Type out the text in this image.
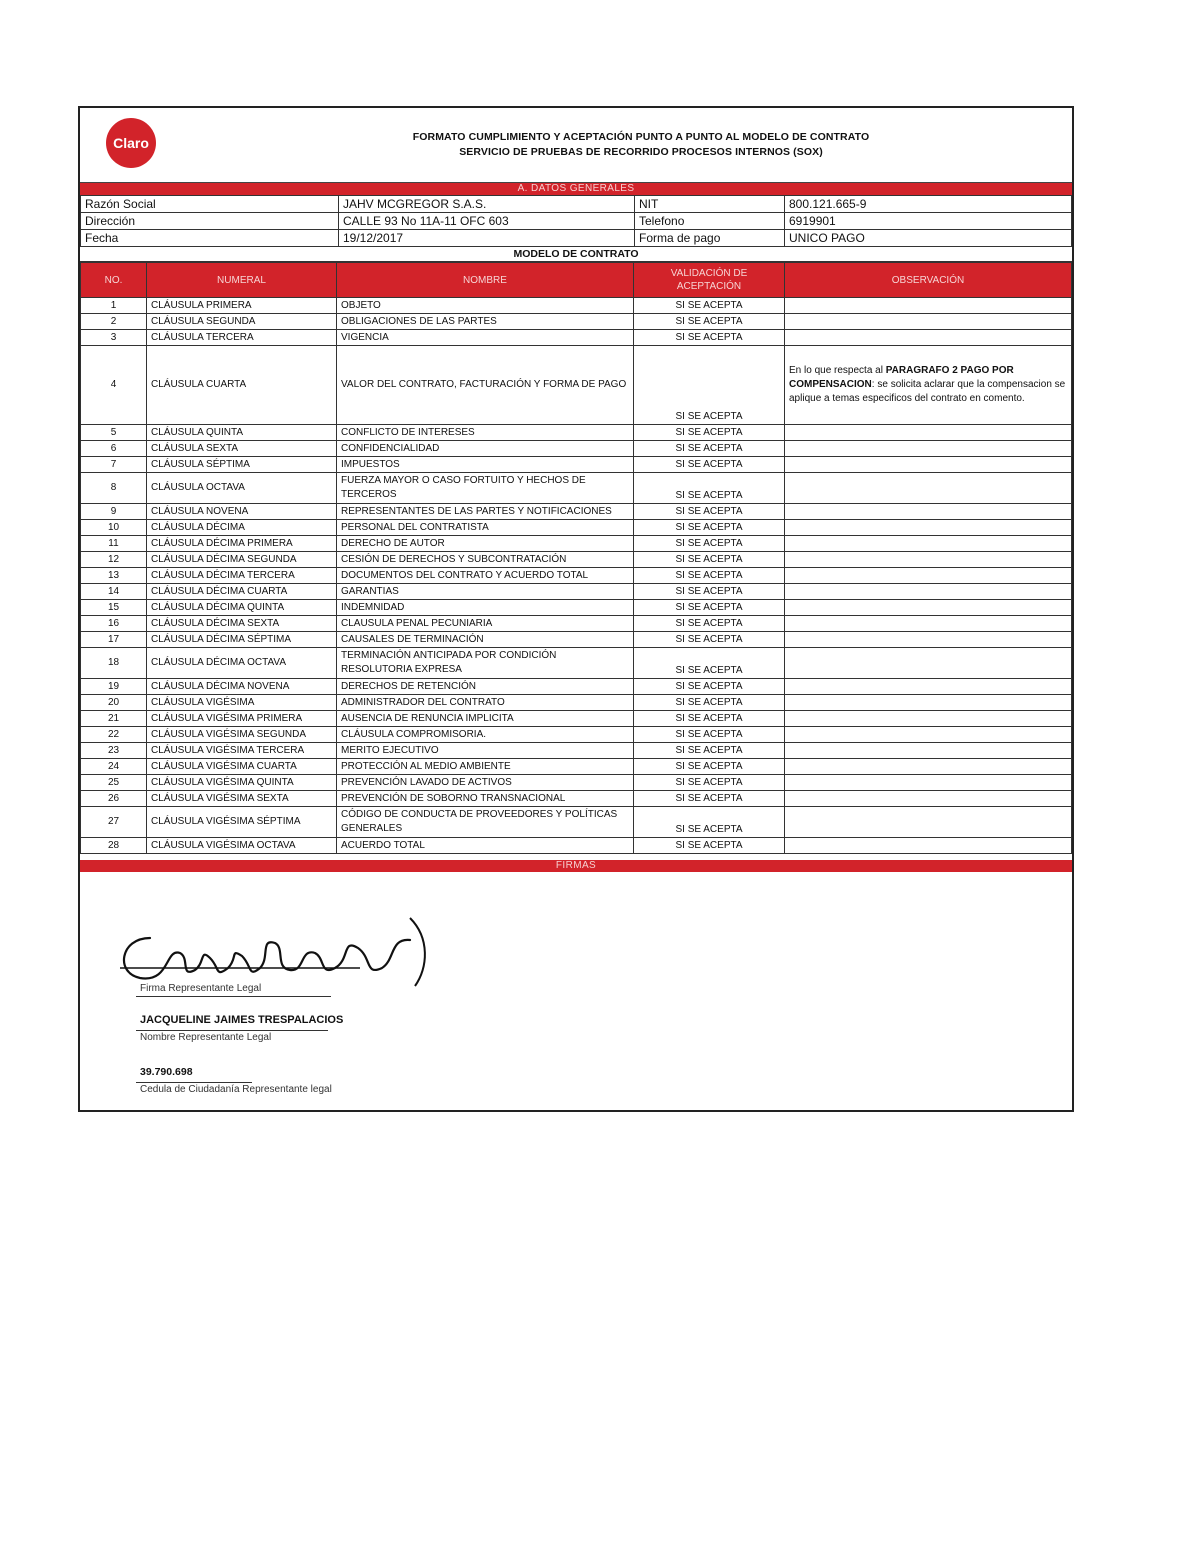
Claro	FORMATO CUMPLIMIENTO Y ACEPTACIÓN PUNTO A PUNTO AL MODELO DE CONTRATO
SERVICIO DE PRUEBAS DE RECORRIDO PROCESOS INTERNOS (SOX)
A. DATOS GENERALES
Razón Social	JAHV MCGREGOR S.A.S.	NIT	800.121.665-9
Dirección	CALLE 93 No 11A-11 OFC 603	Telefono	6919901
Fecha	19/12/2017	Forma de pago	UNICO PAGO
MODELO DE CONTRATO
NO.	NUMERAL	NOMBRE	VALIDACIÓN DE ACEPTACIÓN	OBSERVACIÓN
1	CLÁUSULA PRIMERA	OBJETO	SI SE ACEPTA	
2	CLÁUSULA SEGUNDA	OBLIGACIONES DE LAS PARTES	SI SE ACEPTA	
3	CLÁUSULA TERCERA	VIGENCIA	SI SE ACEPTA	
4	CLÁUSULA CUARTA	VALOR DEL CONTRATO, FACTURACIÓN Y FORMA DE PAGO	SI SE ACEPTA	En lo que respecta al PARAGRAFO 2 PAGO POR COMPENSACION: se solicita aclarar que la compensacion se aplique a temas especificos del contrato en comento.
5	CLÁUSULA QUINTA	CONFLICTO DE INTERESES	SI SE ACEPTA	
6	CLÁUSULA SEXTA	CONFIDENCIALIDAD	SI SE ACEPTA	
7	CLÁUSULA SÉPTIMA	IMPUESTOS	SI SE ACEPTA	
8	CLÁUSULA OCTAVA	FUERZA MAYOR O CASO FORTUITO Y HECHOS DE TERCEROS	SI SE ACEPTA	
9	CLÁUSULA NOVENA	REPRESENTANTES DE LAS PARTES Y NOTIFICACIONES	SI SE ACEPTA	
10	CLÁUSULA DÉCIMA	PERSONAL DEL CONTRATISTA	SI SE ACEPTA	
11	CLÁUSULA DÉCIMA PRIMERA	DERECHO DE AUTOR	SI SE ACEPTA	
12	CLÁUSULA DÉCIMA SEGUNDA	CESIÓN DE DERECHOS Y SUBCONTRATACIÓN	SI SE ACEPTA	
13	CLÁUSULA DÉCIMA TERCERA	DOCUMENTOS DEL CONTRATO Y ACUERDO TOTAL	SI SE ACEPTA	
14	CLÁUSULA DÉCIMA CUARTA	GARANTIAS	SI SE ACEPTA	
15	CLÁUSULA DÉCIMA QUINTA	INDEMNIDAD	SI SE ACEPTA	
16	CLÁUSULA DÉCIMA SEXTA	CLAUSULA PENAL PECUNIARIA	SI SE ACEPTA	
17	CLÁUSULA DÉCIMA SÉPTIMA	CAUSALES DE TERMINACIÓN	SI SE ACEPTA	
18	CLÁUSULA DÉCIMA OCTAVA	TERMINACIÓN ANTICIPADA POR CONDICIÓN RESOLUTORIA EXPRESA	SI SE ACEPTA	
19	CLÁUSULA DÉCIMA NOVENA	DERECHOS DE RETENCIÓN	SI SE ACEPTA	
20	CLÁUSULA VIGÉSIMA	ADMINISTRADOR DEL CONTRATO	SI SE ACEPTA	
21	CLÁUSULA VIGÉSIMA PRIMERA	AUSENCIA DE RENUNCIA IMPLICITA	SI SE ACEPTA	
22	CLÁUSULA VIGÉSIMA SEGUNDA	CLÁUSULA COMPROMISORIA.	SI SE ACEPTA	
23	CLÁUSULA VIGÉSIMA TERCERA	MERITO EJECUTIVO	SI SE ACEPTA	
24	CLÁUSULA VIGÉSIMA CUARTA	PROTECCIÓN AL MEDIO AMBIENTE	SI SE ACEPTA	
25	CLÁUSULA VIGÉSIMA QUINTA	PREVENCIÓN LAVADO DE ACTIVOS	SI SE ACEPTA	
26	CLÁUSULA VIGÉSIMA SEXTA	PREVENCIÓN DE SOBORNO TRANSNACIONAL	SI SE ACEPTA	
27	CLÁUSULA VIGÉSIMA SÉPTIMA	CÓDIGO DE CONDUCTA DE PROVEEDORES Y POLÍTICAS GENERALES	SI SE ACEPTA	
28	CLÁUSULA VIGÉSIMA OCTAVA	ACUERDO TOTAL	SI SE ACEPTA	
FIRMAS
Firma Representante Legal
JACQUELINE JAIMES TRESPALACIOS
Nombre Representante Legal
39.790.698
Cedula de Ciudadanía Representante legal
